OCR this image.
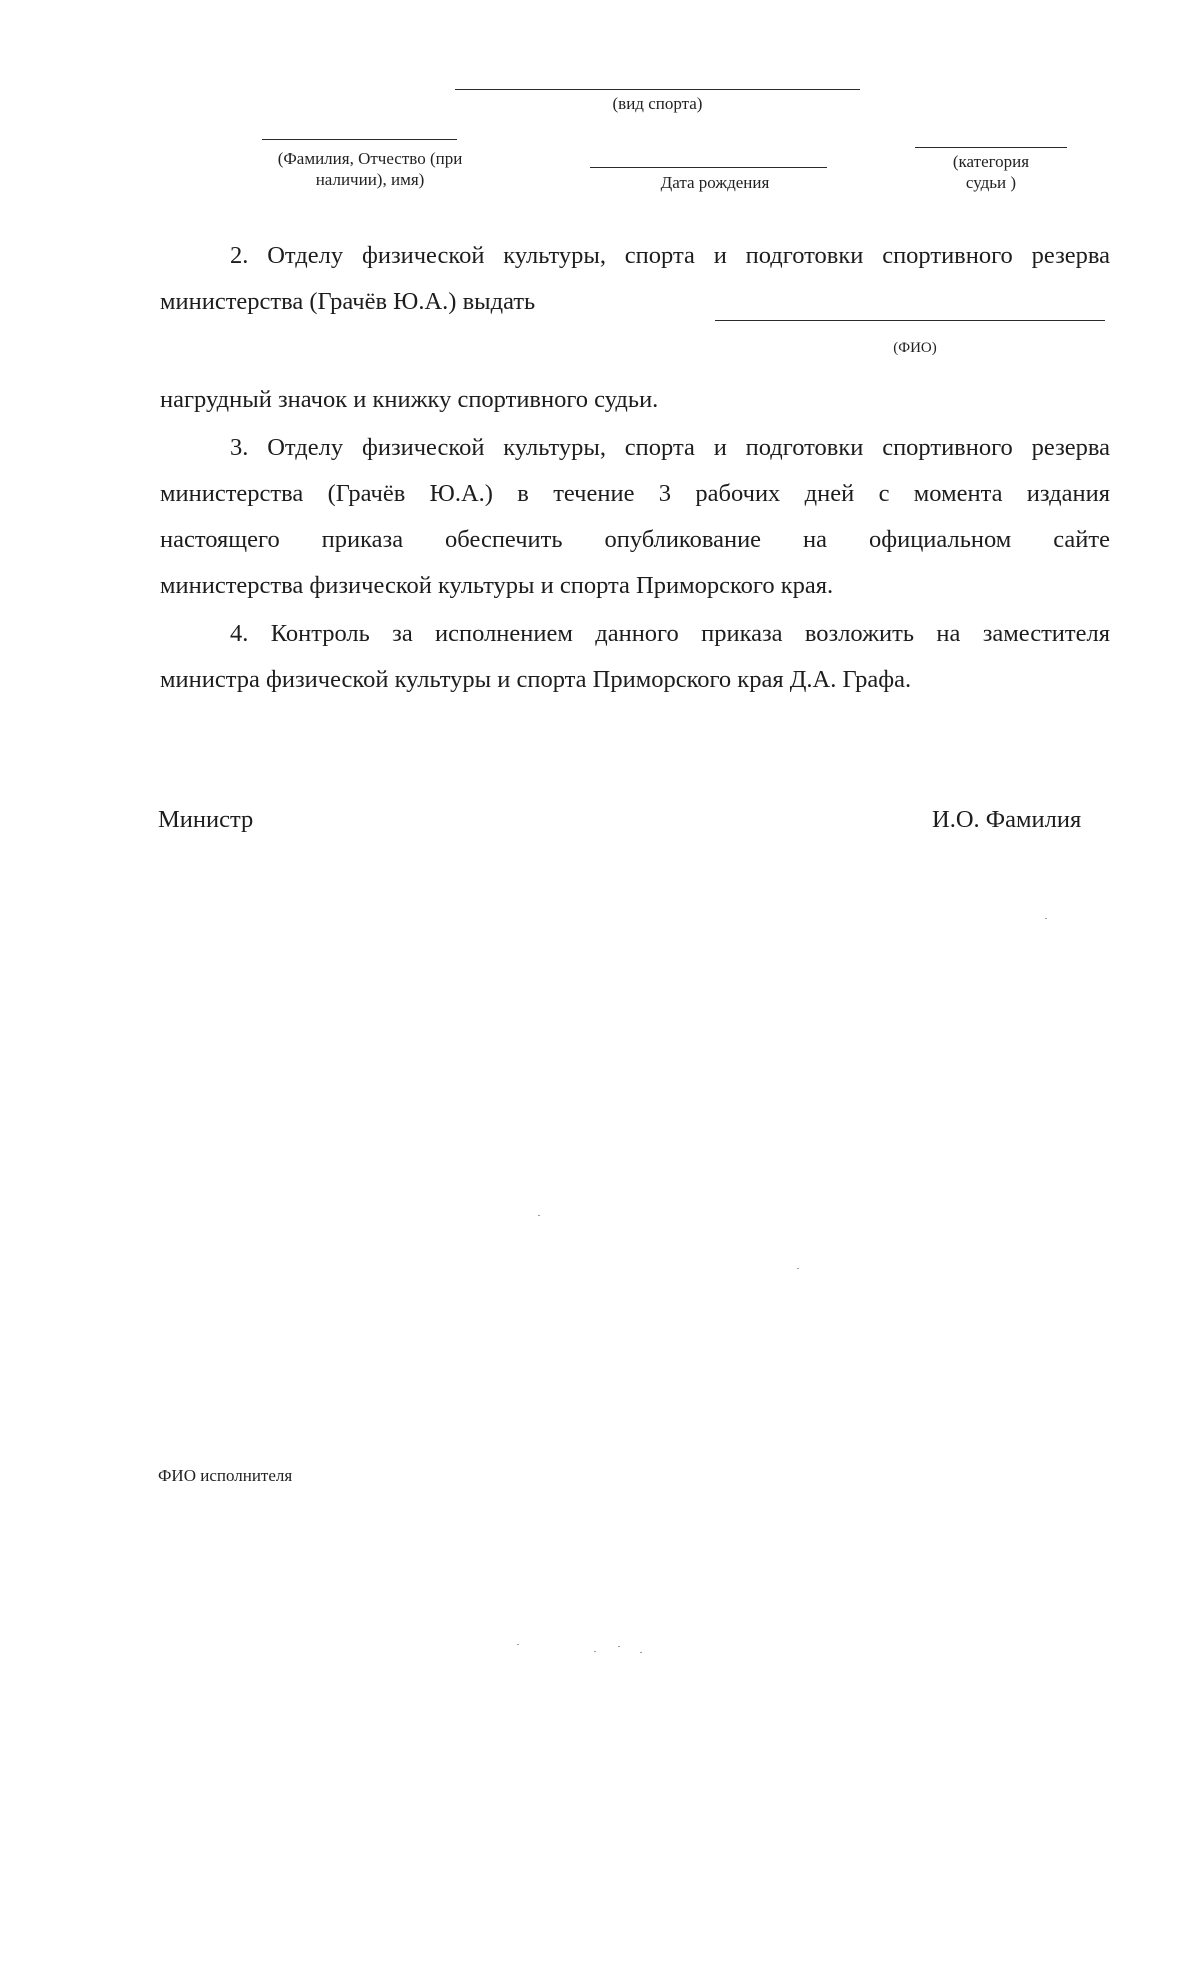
(вид спорта)
(Фамилия, Отчество (при
наличии), имя)	Дата рождения
(категория
судьи )
2. Отделу физической культуры, спорта и подготовки спортивного резерва
министерства (Грачёв Ю.А.) выдать
(ФИО)
нагрудный значок и книжку спортивного судьи.
3. Отделу физической культуры, спорта и подготовки спортивного резерва
министерства (Грачёв Ю.А.) в течение 3 рабочих дней с момента издания
настоящего приказа обеспечить опубликование на официальном сайте
министерства физической культуры и спорта Приморского края.
4. Контроль за исполнением данного приказа возложить на заместителя
министра физической культуры и спорта Приморского края Д.А. Графа.
Министр	И.О. Фамилия
ФИО исполнителя
